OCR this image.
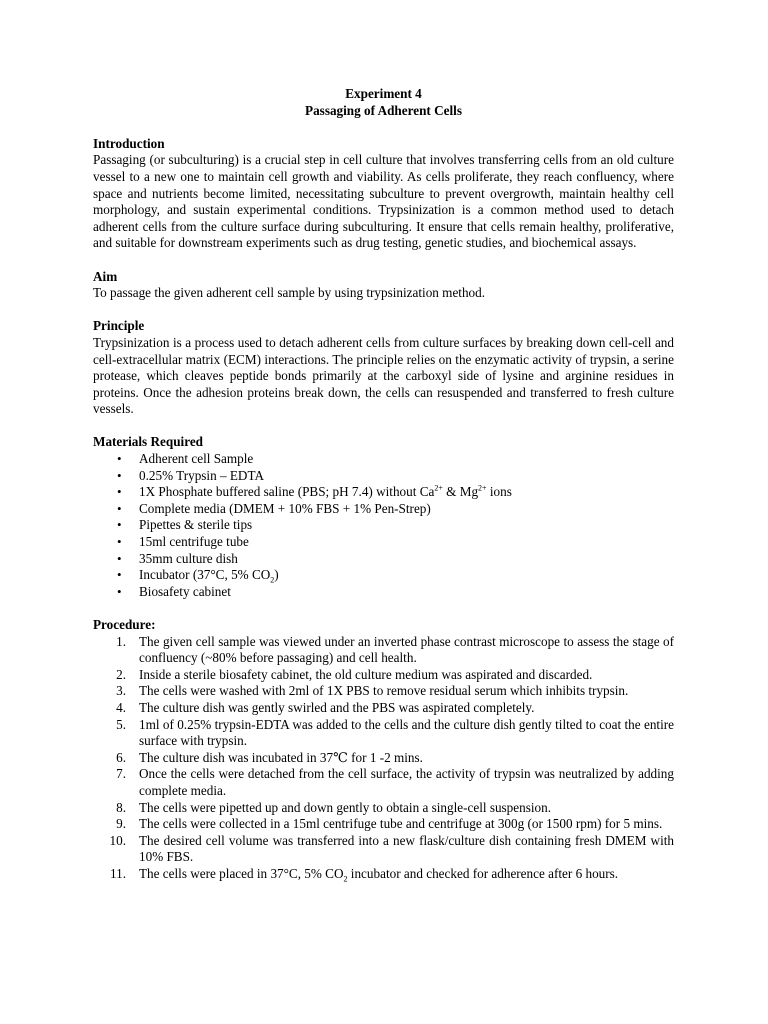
Experiment 4
Passaging of Adherent Cells
Introduction

Passaging (or subculturing) is a crucial step in cell culture that involves transferring cells from an old culture vessel to a new one to maintain cell growth and viability. As cells proliferate, they reach confluency, where space and nutrients become limited, necessitating subculture to prevent overgrowth, maintain healthy cell morphology, and sustain experimental conditions. Trypsinization is a common method used to detach adherent cells from the culture surface during subculturing. It ensure that cells remain healthy, proliferative, and suitable for downstream experiments such as drug testing, genetic studies, and biochemical assays.

Aim

To passage the given adherent cell sample by using trypsinization method.

Principle

Trypsinization is a process used to detach adherent cells from culture surfaces by breaking down cell-cell and cell-extracellular matrix (ECM) interactions. The principle relies on the enzymatic activity of trypsin, a serine protease, which cleaves peptide bonds primarily at the carboxyl side of lysine and arginine residues in proteins. Once the adhesion proteins break down, the cells can resuspended and transferred to fresh culture vessels.

Materials Required
• Adherent cell Sample
• 0.25% Trypsin – EDTA
• 1X Phosphate buffered saline (PBS; pH 7.4) without $Ca^{2+}$ & $Mg^{2+}$ ions
• Complete media (DMEM + 10% FBS + 1% Pen-Strep)
• Pipettes & sterile tips
• 15ml centrifuge tube
• 35mm culture dish
• Incubator (37°C, 5% $CO_2$)
• Biosafety cabinet
Procedure:
1. The given cell sample was viewed under an inverted phase contrast microscope to assess the stage of confluency (~80% before passaging) and cell health.
2. Inside a sterile biosafety cabinet, the old culture medium was aspirated and discarded.
3. The cells were washed with 2ml of 1X PBS to remove residual serum which inhibits trypsin.
4. The culture dish was gently swirled and the PBS was aspirated completely.
5. 1ml of 0.25% trypsin-EDTA was added to the cells and the culture dish gently tilted to coat the entire surface with trypsin.
6. The culture dish was incubated in 37℃ for 1 -2 mins.
7. Once the cells were detached from the cell surface, the activity of trypsin was neutralized by adding complete media.
8. The cells were pipetted up and down gently to obtain a single-cell suspension.
9. The cells were collected in a 15ml centrifuge tube and centrifuge at 300g (or 1500 rpm) for 5 mins.
10. The desired cell volume was transferred into a new flask/culture dish containing fresh DMEM with 10% FBS.
11. The cells were placed in 37°C, 5% $CO_2$ incubator and checked for adherence after 6 hours.
